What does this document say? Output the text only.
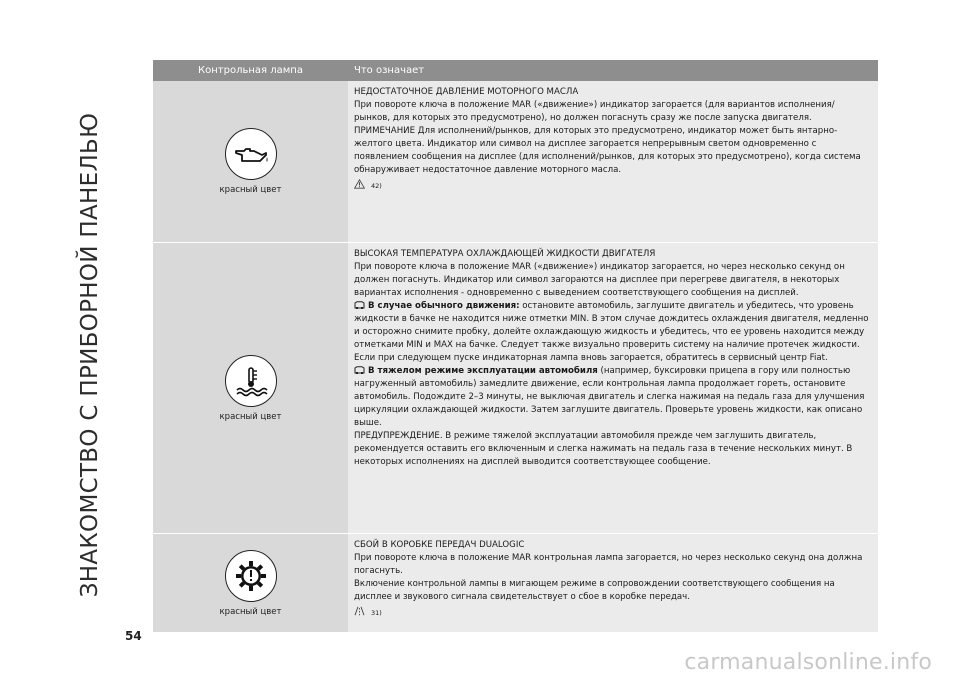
ЗНАКОМСТВО С ПРИБОРНОЙ ПАНЕЛЬЮ
Контрольная лампа	Что означает
красный цвет

НЕДОСТАТОЧНОЕ ДАВЛЕНИЕ МОТОРНОГО МАСЛА

При повороте ключа в положение MAR («движение») индикатор загорается (для вариантов исполнения/рынков, для которых это предусмотрено), но должен погаснуть сразу же после запуска двигателя.

ПРИМЕЧАНИЕ Для исполнений/рынков, для которых это предусмотрено, индикатор может быть янтарно-желтого цвета. Индикатор или символ на дисплее загорается непрерывным светом одновременно с появлением сообщения на дисплее (для исполнений/рынков, для которых это предусмотрено), когда система обнаруживает недостаточное давление моторного масла.

42)
красный цвет

ВЫСОКАЯ ТЕМПЕРАТУРА ОХЛАЖДАЮЩЕЙ ЖИДКОСТИ ДВИГАТЕЛЯ

При повороте ключа в положение MAR («движение») индикатор загорается, но через несколько секунд он должен погаснуть. Индикатор или символ загораются на дисплее при перегреве двигателя, в некоторых вариантах исполнения - одновременно с выведением соответствующего сообщения на дисплей.

В случае обычного движения: остановите автомобиль, заглушите двигатель и убедитесь, что уровень жидкости в бачке не находится ниже отметки MIN. В этом случае дождитесь охлаждения двигателя, медленно и осторожно снимите пробку, долейте охлаждающую жидкость и убедитесь, что ее уровень находится между отметками MIN и MAX на бачке. Следует также визуально проверить систему на наличие протечек жидкости. Если при следующем пуске индикаторная лампа вновь загорается, обратитесь в сервисный центр Fiat.

В тяжелом режиме эксплуатации автомобиля (например, буксировки прицепа в гору или полностью нагруженный автомобиль) замедлите движение, если контрольная лампа продолжает гореть, остановите автомобиль. Подождите 2–3 минуты, не выключая двигатель и слегка нажимая на педаль газа для улучшения циркуляции охлаждающей жидкости. Затем заглушите двигатель. Проверьте уровень жидкости, как описано выше.

ПРЕДУПРЕЖДЕНИЕ. В режиме тяжелой эксплуатации автомобиля прежде чем заглушить двигатель, рекомендуется оставить его включенным и слегка нажимать на педаль газа в течение нескольких минут. В некоторых исполнениях на дисплей выводится соответствующее сообщение.

красный цвет

СБОЙ В КОРОБКЕ ПЕРЕДАЧ DUALOGIC

При повороте ключа в положение MAR контрольная лампа загорается, но через несколько секунд она должна погаснуть.

Включение контрольной лампы в мигающем режиме в сопровождении соответствующего сообщения на дисплее и звукового сигнала свидетельствует о сбое в коробке передач.

31)
54
carmanualsonline.info
